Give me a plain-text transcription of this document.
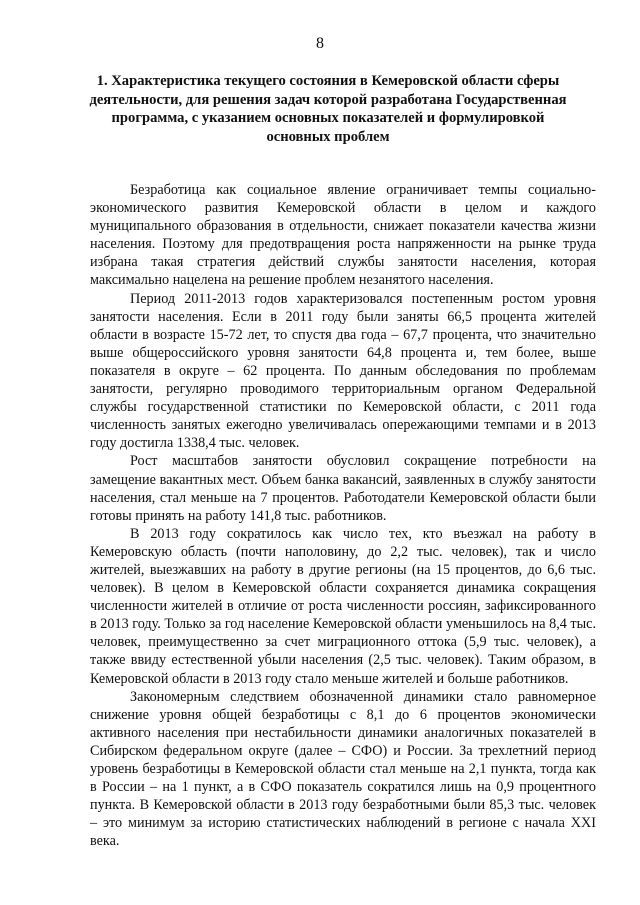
8
1. Характеристика текущего состояния в Кемеровской области сферы деятельности, для решения задач которой разработана Государственная программа, с указанием основных показателей и формулировкой основных проблем

Безработица как социальное явление ограничивает темпы социально-экономического развития Кемеровской области в целом и каждого муниципального образования в отдельности, снижает показатели качества жизни населения. Поэтому для предотвращения роста напряженности на рынке труда избрана такая стратегия действий службы занятости населения, которая максимально нацелена на решение проблем незанятого населения.

Период 2011-2013 годов характеризовался постепенным ростом уровня занятости населения. Если в 2011 году были заняты 66,5 процента жителей области в возрасте 15-72 лет, то спустя два года – 67,7 процента, что значительно выше общероссийского уровня занятости 64,8 процента и, тем более, выше показателя в округе – 62 процента. По данным обследования по проблемам занятости, регулярно проводимого территориальным органом Федеральной службы государственной статистики по Кемеровской области, с 2011 года численность занятых ежегодно увеличивалась опережающими темпами и в 2013 году достигла 1338,4 тыс. человек.

Рост масштабов занятости обусловил сокращение потребности на замещение вакантных мест. Объем банка вакансий, заявленных в службу занятости населения, стал меньше на 7 процентов. Работодатели Кемеровской области были готовы принять на работу 141,8 тыс. работников.

В 2013 году сократилось как число тех, кто въезжал на работу в Кемеровскую область (почти наполовину, до 2,2 тыс. человек), так и число жителей, выезжавших на работу в другие регионы (на 15 процентов, до 6,6 тыс. человек). В целом в Кемеровской области сохраняется динамика сокращения численности жителей в отличие от роста численности россиян, зафиксированного в 2013 году. Только за год население Кемеровской области уменьшилось на 8,4 тыс. человек, преимущественно за счет миграционного оттока (5,9 тыс. человек), а также ввиду естественной убыли населения (2,5 тыс. человек). Таким образом, в Кемеровской области в 2013 году стало меньше жителей и больше работников.

Закономерным следствием обозначенной динамики стало равномерное снижение уровня общей безработицы с 8,1 до 6 процентов экономически активного населения при нестабильности динамики аналогичных показателей в Сибирском федеральном округе (далее – СФО) и России. За трехлетний период уровень безработицы в Кемеровской области стал меньше на 2,1 пункта, тогда как в России – на 1 пункт, а в СФО показатель сократился лишь на 0,9 процентного пункта. В Кемеровской области в 2013 году безработными были 85,3 тыс. человек – это минимум за историю статистических наблюдений в регионе с начала XXI века.
